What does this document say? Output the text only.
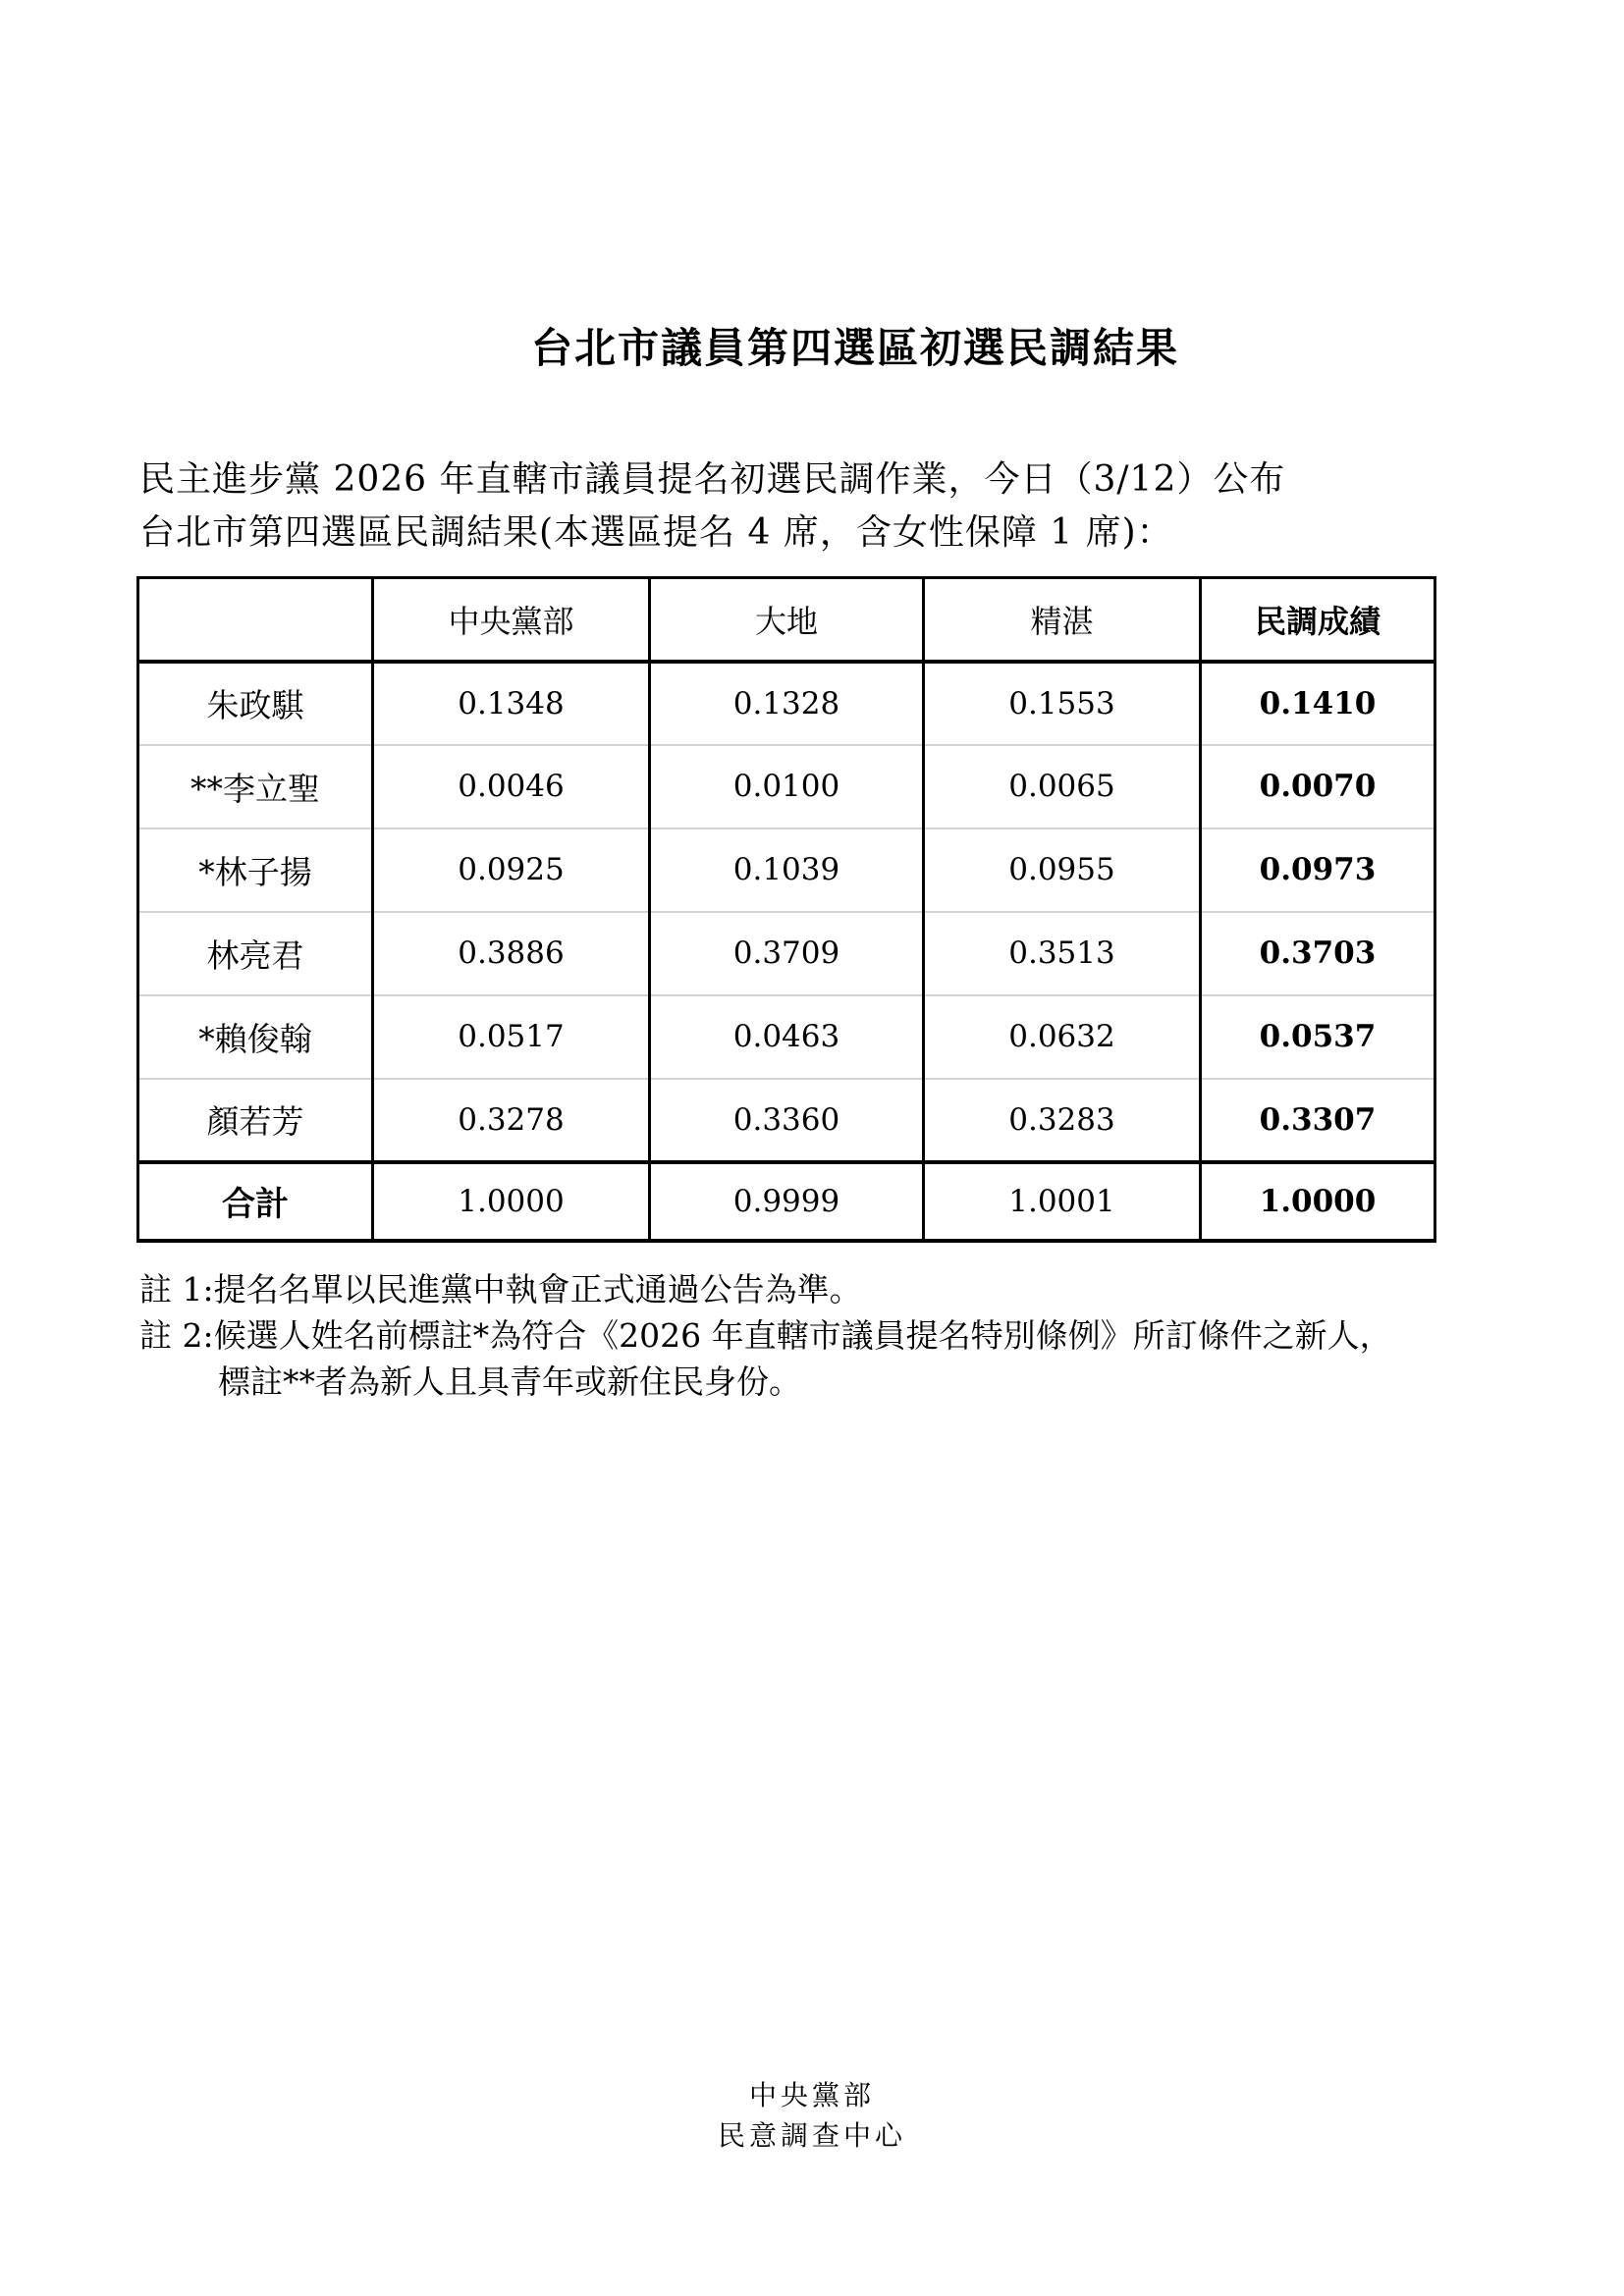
台北市議員第四選區初選民調結果
民主進步黨 2026 年直轄市議員提名初選民調作業，今日（3/12）公布
台北市第四選區民調結果(本選區提名 4 席，含女性保障 1 席)：
	中央黨部	大地	精湛	民調成績
朱政騏	0.1348	0.1328	0.1553	0.1410
**李立聖	0.0046	0.0100	0.0065	0.0070
*林子揚	0.0925	0.1039	0.0955	0.0973
林亮君	0.3886	0.3709	0.3513	0.3703
*賴俊翰	0.0517	0.0463	0.0632	0.0537
顏若芳	0.3278	0.3360	0.3283	0.3307
合計	1.0000	0.9999	1.0001	1.0000
註 1:提名名單以民進黨中執會正式通過公告為準。
註 2:候選人姓名前標註*為符合《2026 年直轄市議員提名特別條例》所訂條件之新人，
標註**者為新人且具青年或新住民身份。
中央黨部
民意調查中心
